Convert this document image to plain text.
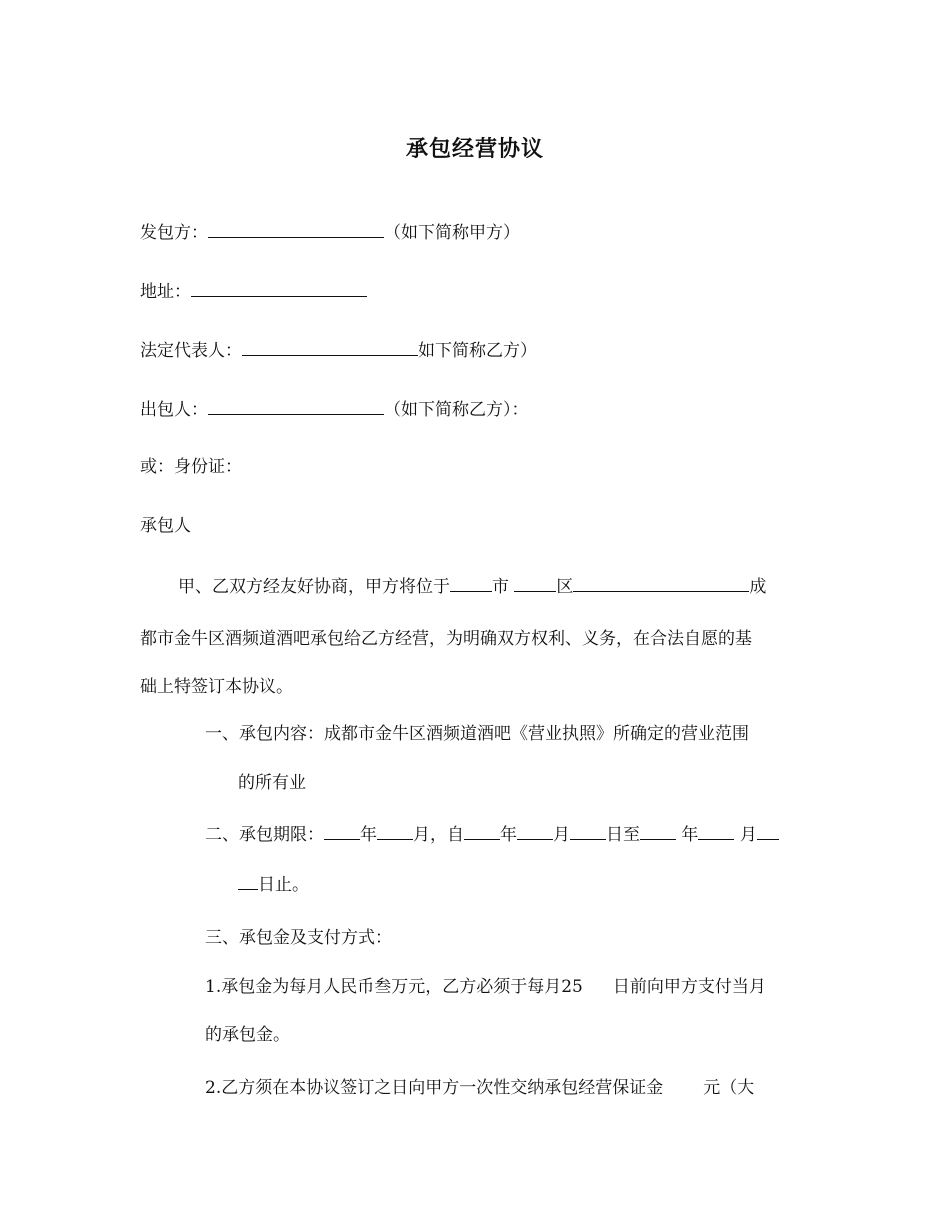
承包经营协议
发包方：	（如下简称甲方）
地址：
法定代表人：	如下简称乙方）
出包人：	（如下简称乙方）：
或：身份证：
承包人
甲、乙双方经友好协商，甲方将位于 市	区	成
都市金牛区酒频道酒吧承包给乙方经营，为明确双方权利、义务，在合法自愿的基
础上特签订本协议。
一、承包内容：成都市金牛区酒频道酒吧《营业执照》所确定的营业范围
的所有业
二、承包期限： 年 月，自 年 月 日至 年 月
日止。
三、承包金及支付方式：
1.承包金为每月人民币叁万元，乙方必须于每月25 日前向甲方支付当月
的承包金。
2.乙方须在本协议签订之日向甲方一次性交纳承包经营保证金 元（大
